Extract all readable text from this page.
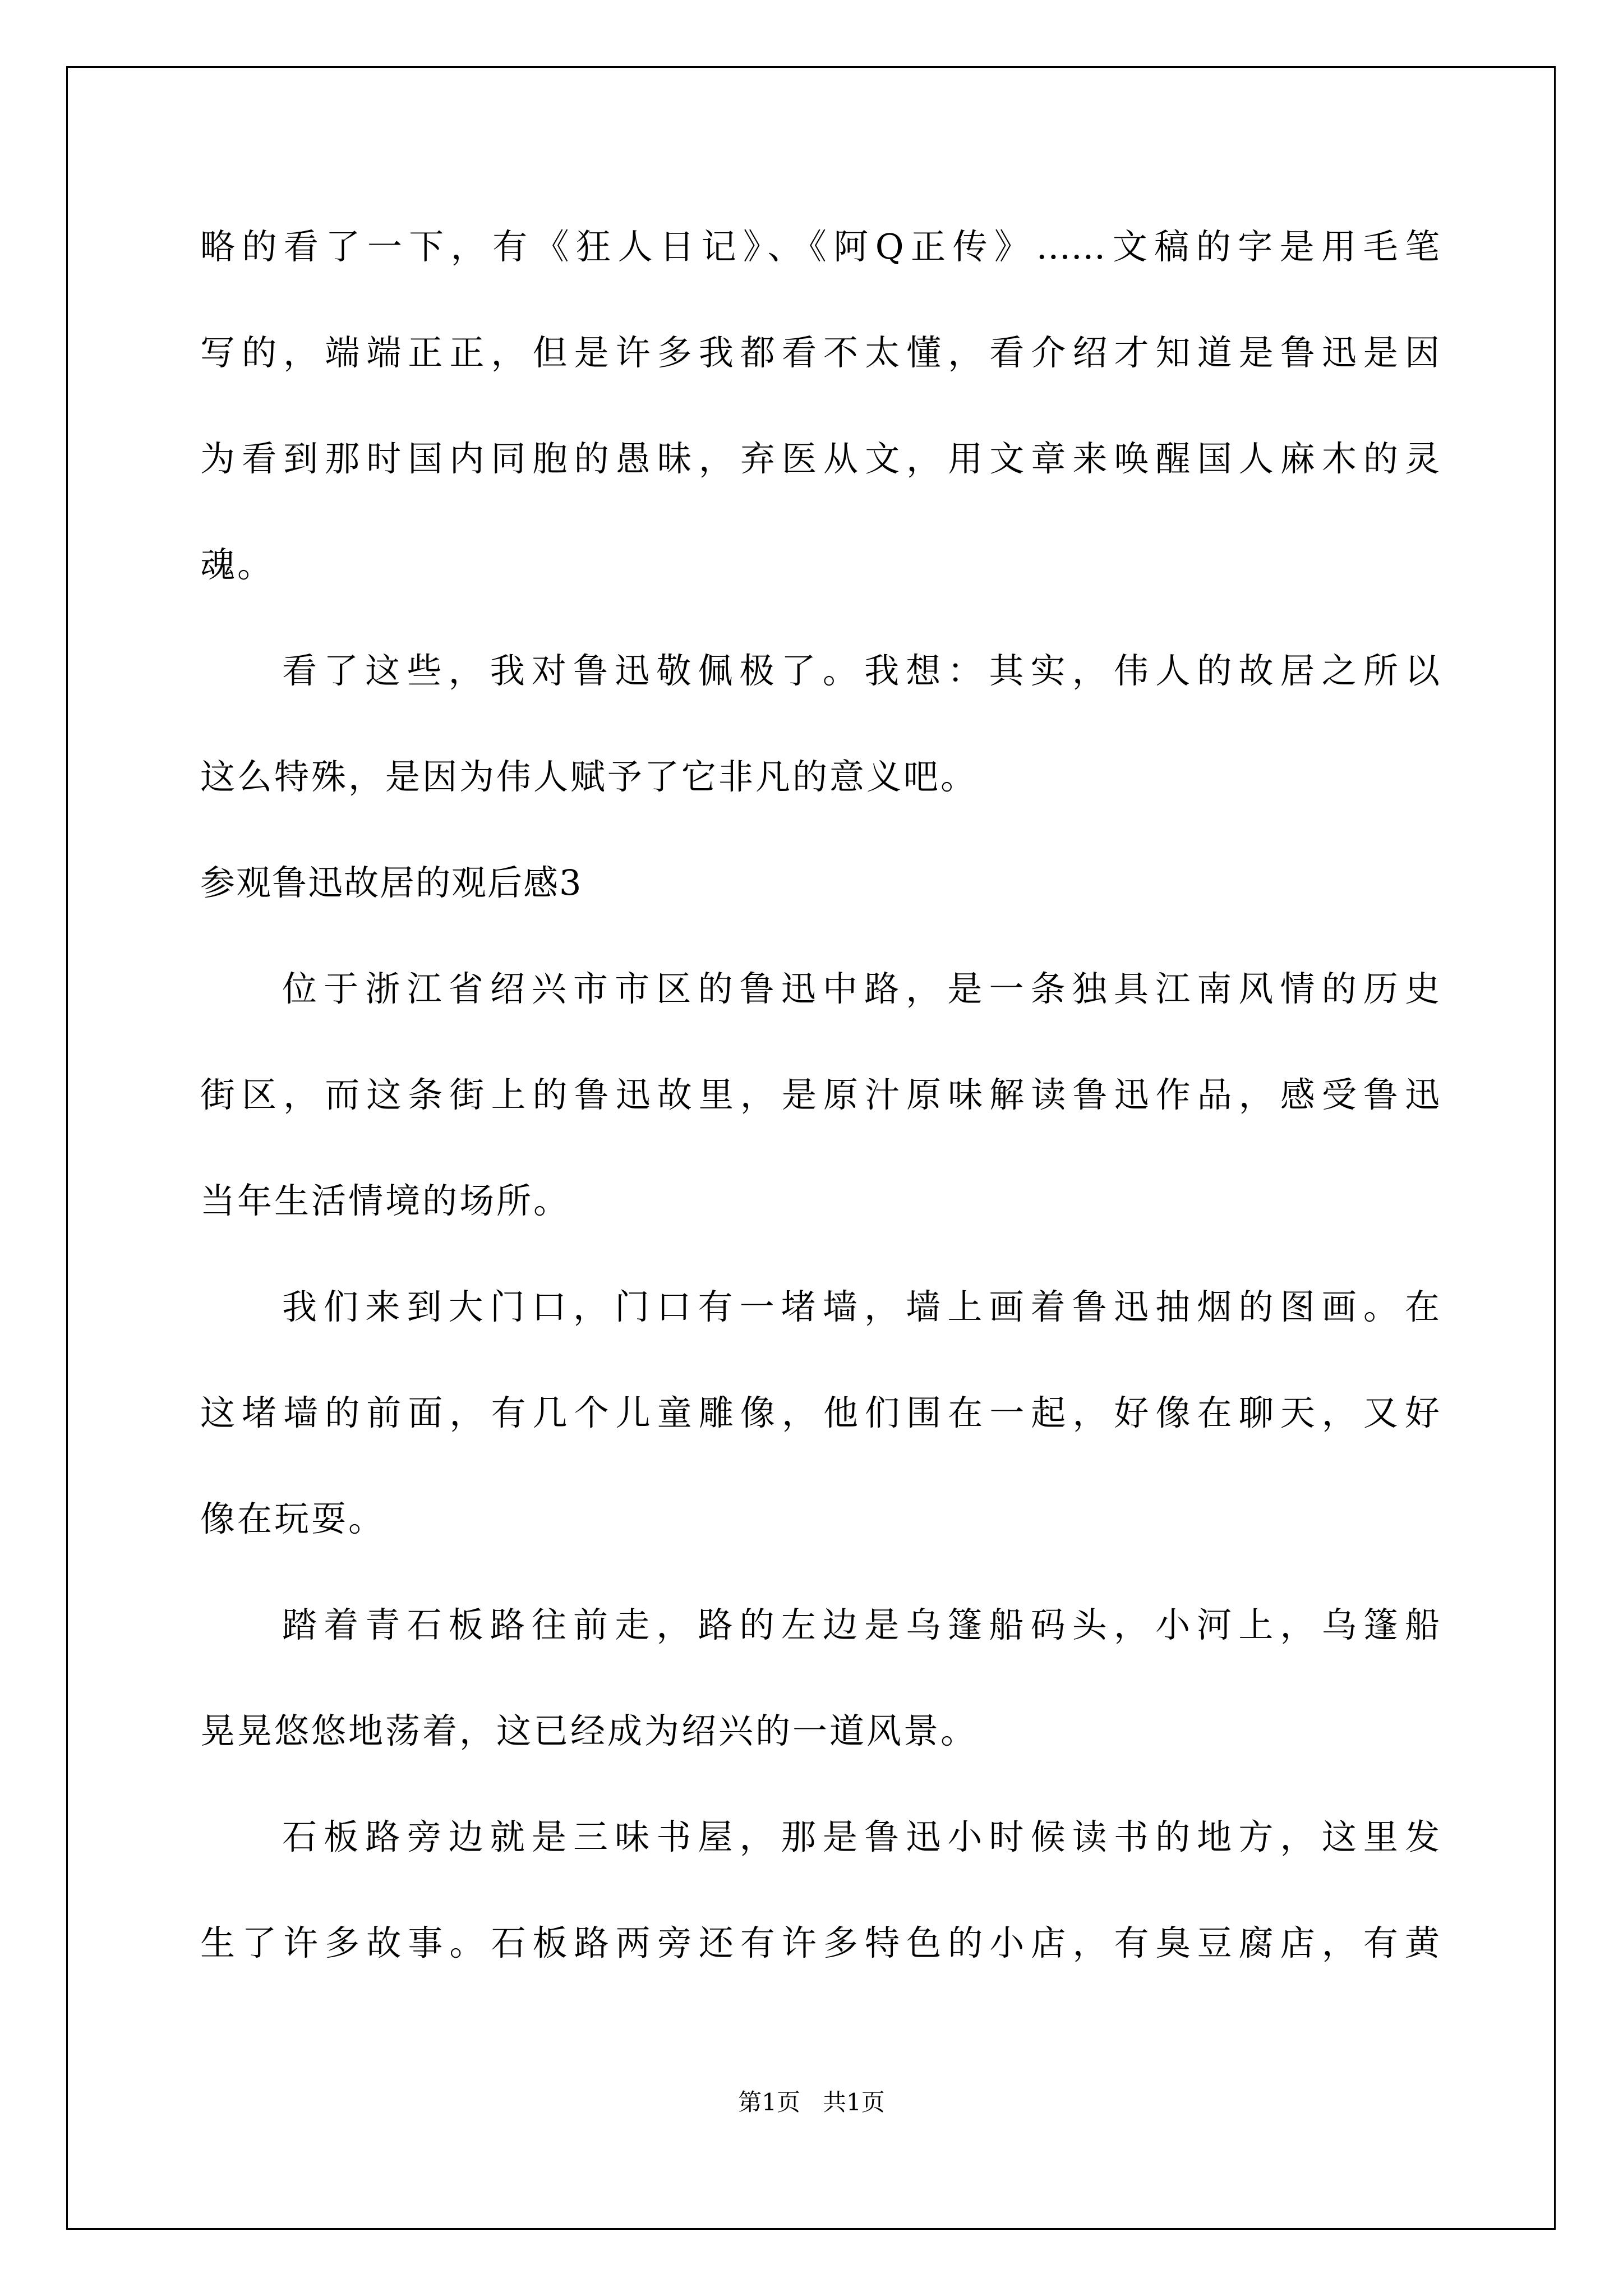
略的看了一下，有《狂人日记》、《阿Q正传》……文稿的字是用毛笔
写的，端端正正，但是许多我都看不太懂，看介绍才知道是鲁迅是因
为看到那时国内同胞的愚昧，弃医从文，用文章来唤醒国人麻木的灵
魂。
看了这些，我对鲁迅敬佩极了。我想：其实，伟人的故居之所以
这么特殊，是因为伟人赋予了它非凡的意义吧。
参观鲁迅故居的观后感3
位于浙江省绍兴市市区的鲁迅中路，是一条独具江南风情的历史
街区，而这条街上的鲁迅故里，是原汁原味解读鲁迅作品，感受鲁迅
当年生活情境的场所。
我们来到大门口，门口有一堵墙，墙上画着鲁迅抽烟的图画。在
这堵墙的前面，有几个儿童雕像，他们围在一起，好像在聊天，又好
像在玩耍。
踏着青石板路往前走，路的左边是乌篷船码头，小河上，乌篷船
晃晃悠悠地荡着，这已经成为绍兴的一道风景。
石板路旁边就是三味书屋，那是鲁迅小时候读书的地方，这里发
生了许多故事。石板路两旁还有许多特色的小店，有臭豆腐店，有黄
第1页   共1页
